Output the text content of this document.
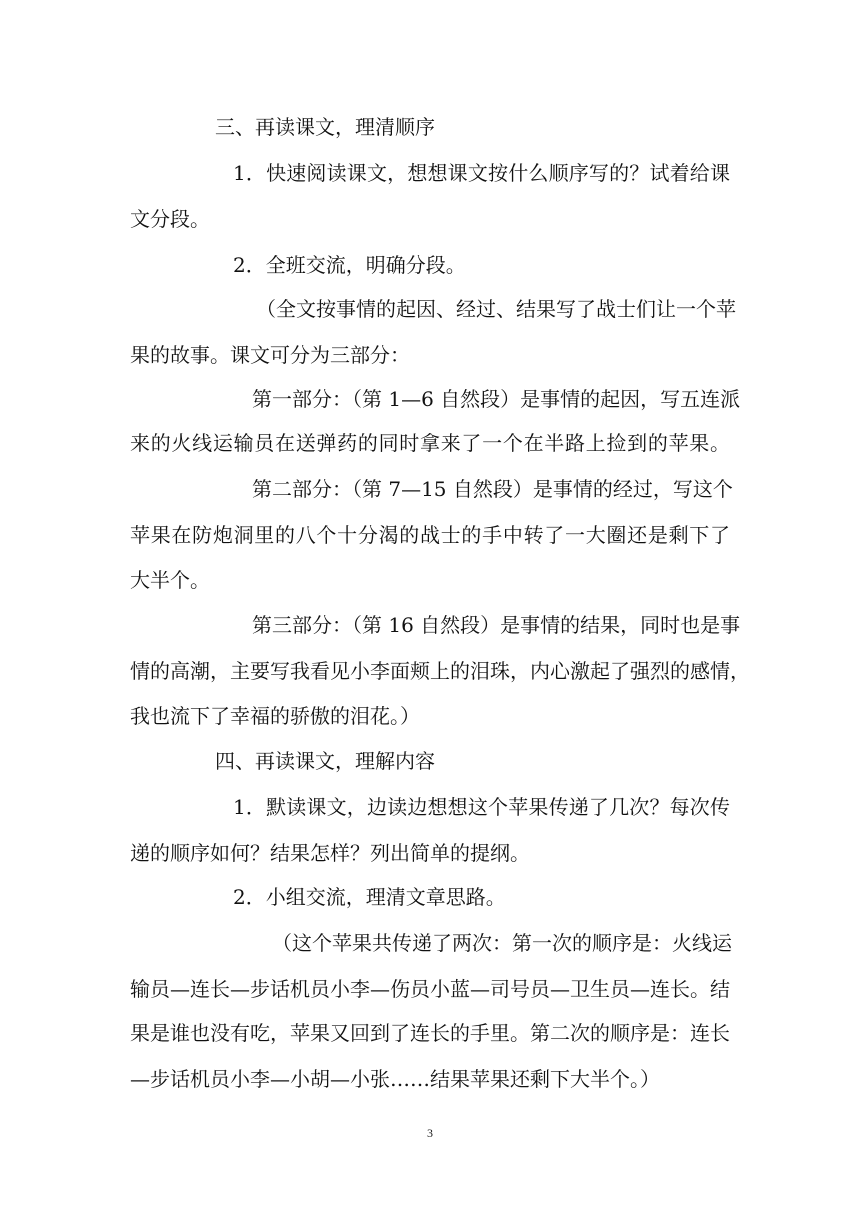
三、再读课文，理清顺序
1．快速阅读课文，想想课文按什么顺序写的？试着给课
文分段。
2．全班交流，明确分段。
（全文按事情的起因、经过、结果写了战士们让一个苹
果的故事。课文可分为三部分：
第一部分：（第 1—6 自然段）是事情的起因，写五连派
来的火线运输员在送弹药的同时拿来了一个在半路上捡到的苹果。
第二部分：（第 7—15 自然段）是事情的经过，写这个
苹果在防炮洞里的八个十分渴的战士的手中转了一大圈还是剩下了
大半个。
第三部分：（第 16 自然段）是事情的结果，同时也是事
情的高潮，主要写我看见小李面颊上的泪珠，内心激起了强烈的感情，
我也流下了幸福的骄傲的泪花。）
四、再读课文，理解内容
1．默读课文，边读边想想这个苹果传递了几次？每次传
递的顺序如何？结果怎样？列出简单的提纲。
2．小组交流，理清文章思路。
（这个苹果共传递了两次：第一次的顺序是：火线运
输员—连长—步话机员小李—伤员小蓝—司号员—卫生员—连长。结
果是谁也没有吃，苹果又回到了连长的手里。第二次的顺序是：连长
—步话机员小李—小胡—小张……结果苹果还剩下大半个。）
3
